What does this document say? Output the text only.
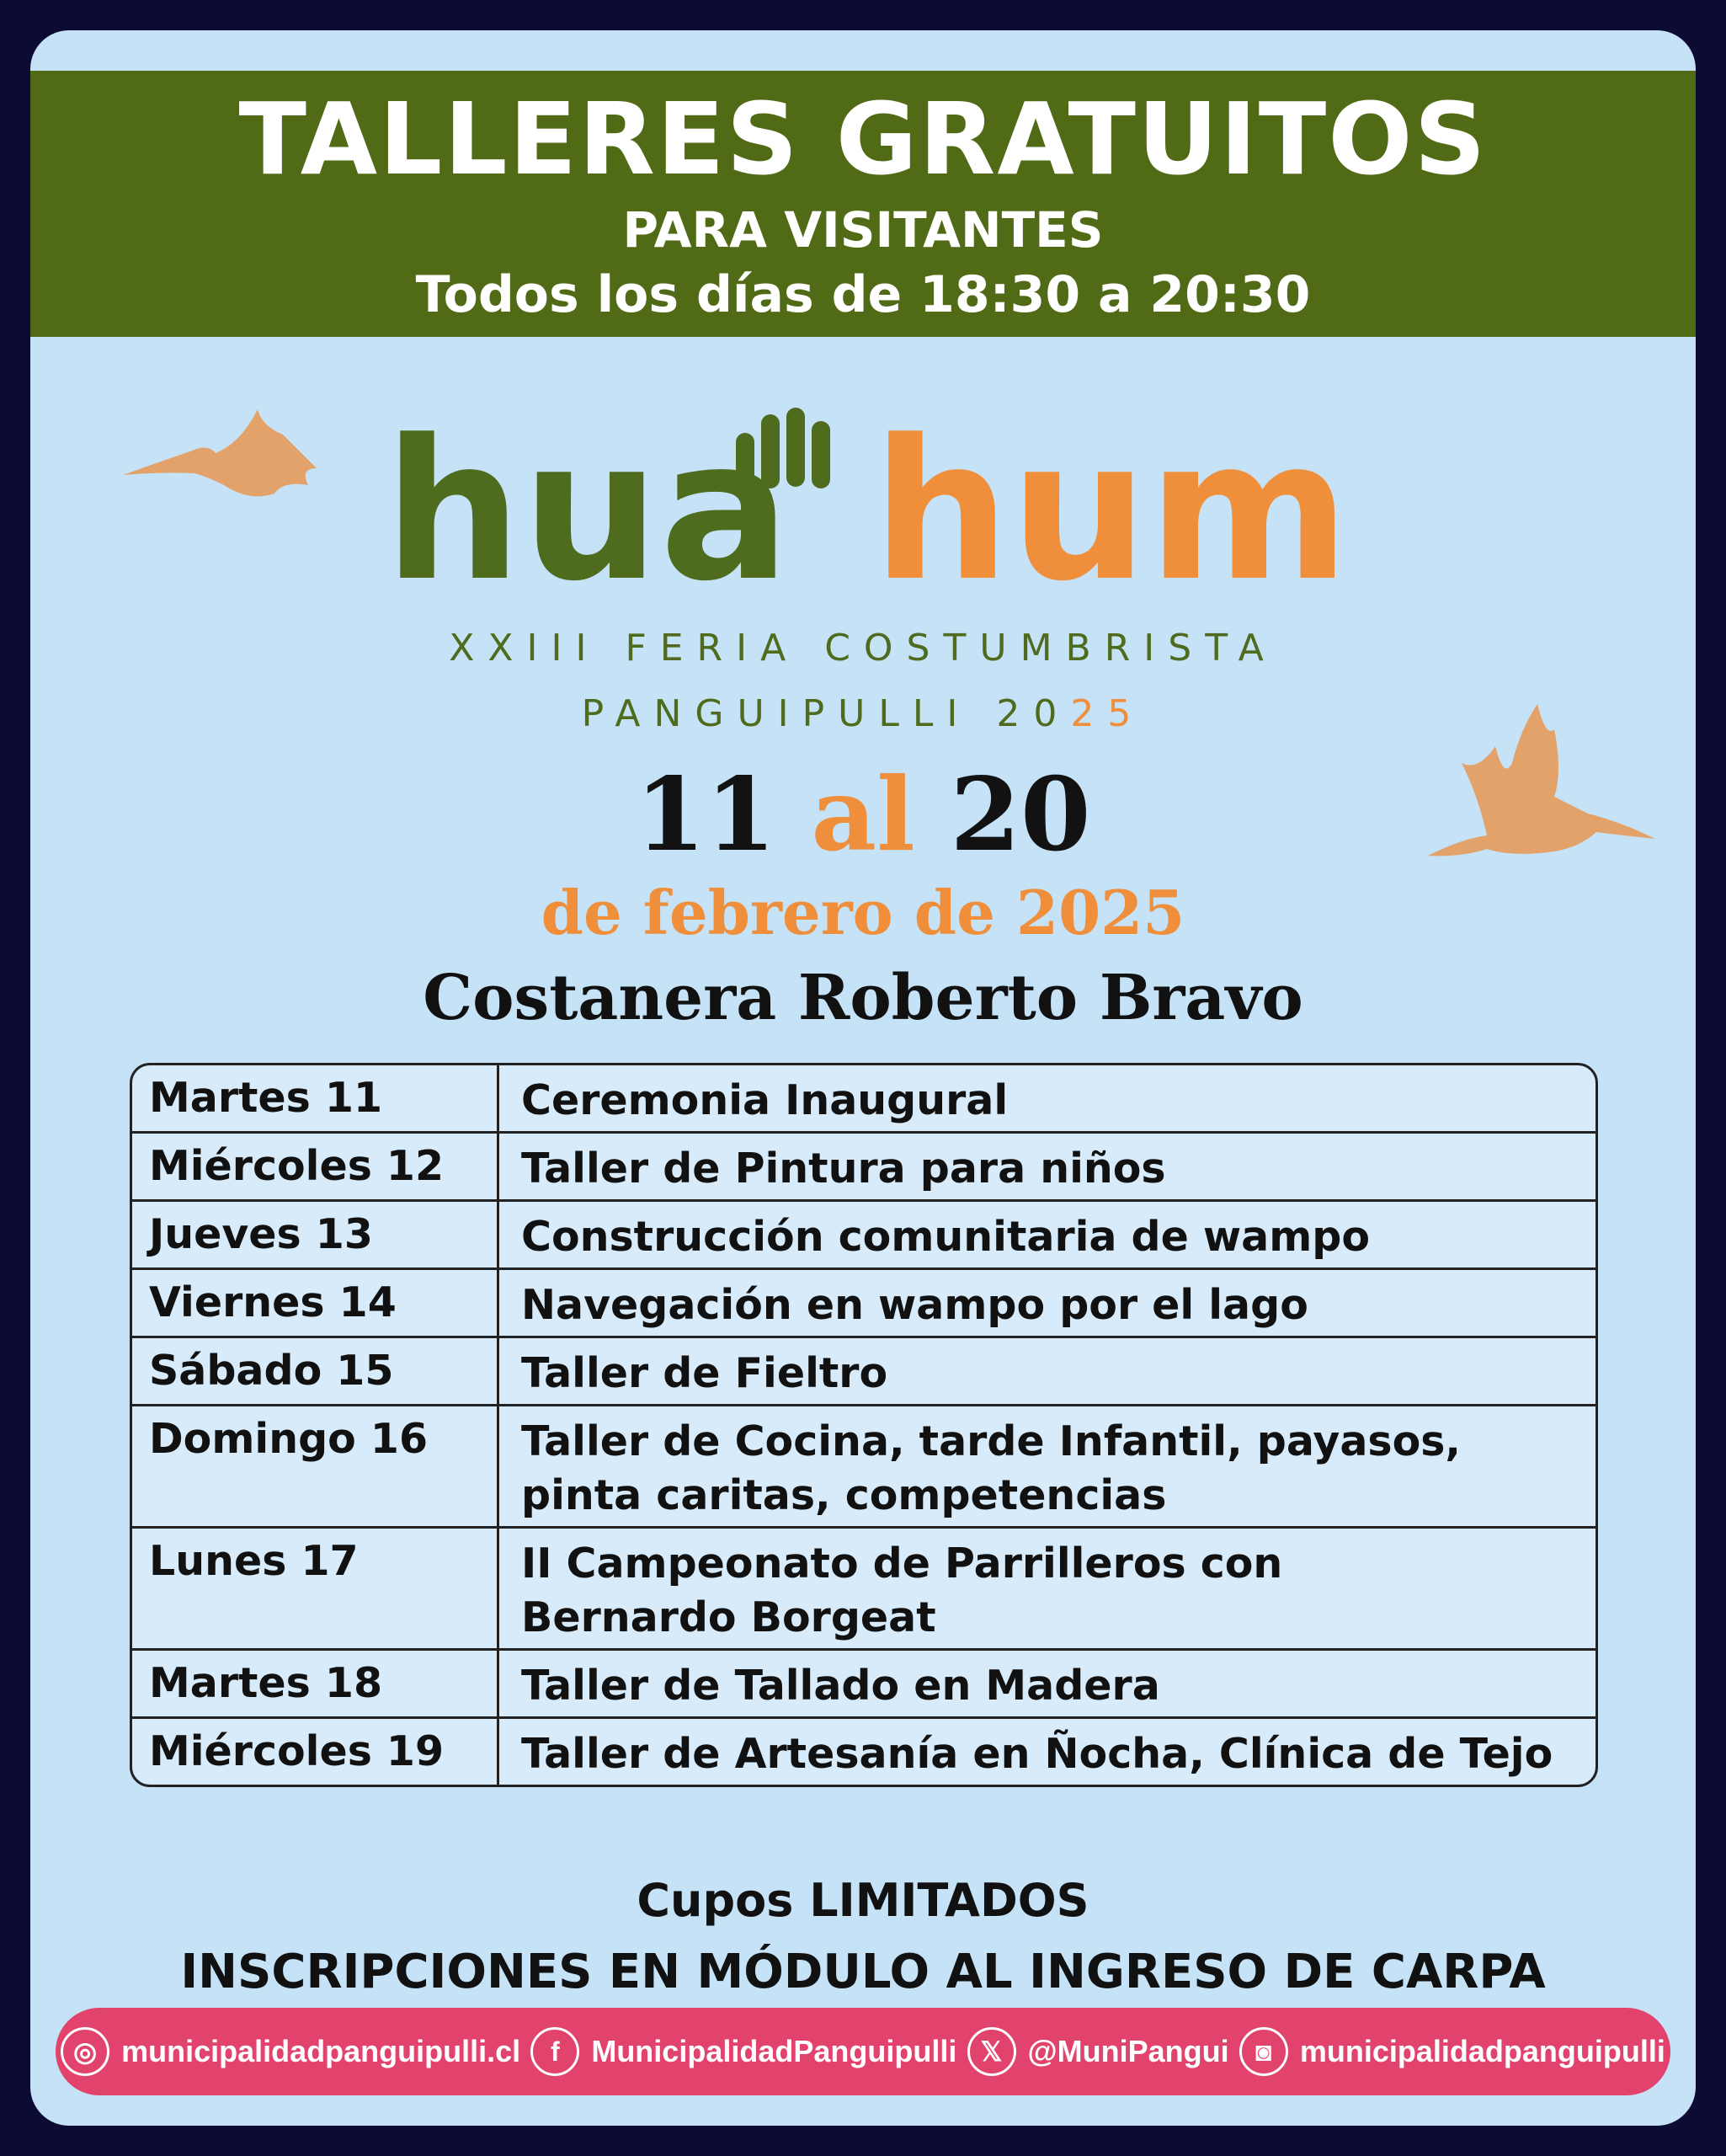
TALLERES GRATUITOS
PARA VISITANTES
Todos los días de 18:30 a 20:30
hua hum
XXIII FERIA COSTUMBRISTA
PANGUIPULLI 2025
11 al 20
de febrero de 2025
Costanera Roberto Bravo
Martes 11	Ceremonia Inaugural
Miércoles 12	Taller de Pintura para niños
Jueves 13	Construcción comunitaria de wampo
Viernes 14	Navegación en wampo por el lago
Sábado 15	Taller de Fieltro
Domingo 16	Taller de Cocina, tarde Infantil, payasos,
pinta caritas, competencias
Lunes 17	II Campeonato de Parrilleros con
Bernardo Borgeat
Martes 18	Taller de Tallado en Madera
Miércoles 19	Taller de Artesanía en Ñocha, Clínica de Tejo
Cupos LIMITADOS
INSCRIPCIONES EN MÓDULO AL INGRESO DE CARPA
◎ municipalidadpanguipulli.cl	f	MunicipalidadPanguipulli 𝕏 @MuniPangui ◙ municipalidadpanguipulli
